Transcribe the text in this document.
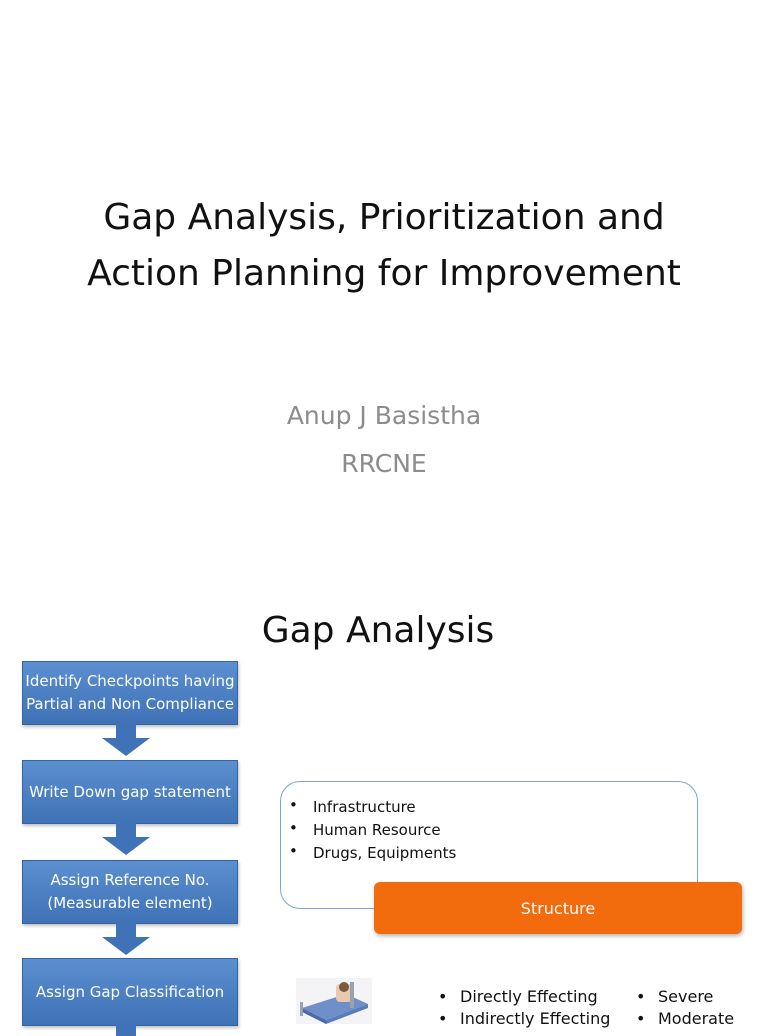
Gap Analysis, Prioritization and
Action Planning for Improvement
Anup J Basistha
RRCNE
Gap Analysis
Identify Checkpoints having Partial and Non Compliance
Write Down gap statement
Assign Reference No. (Measurable element)
Assign Gap Classification
• Infrastructure
• Human Resource
• Drugs, Equipments
Structure
• Directly Effecting
• Indirectly Effecting
• Severe
• Moderate
